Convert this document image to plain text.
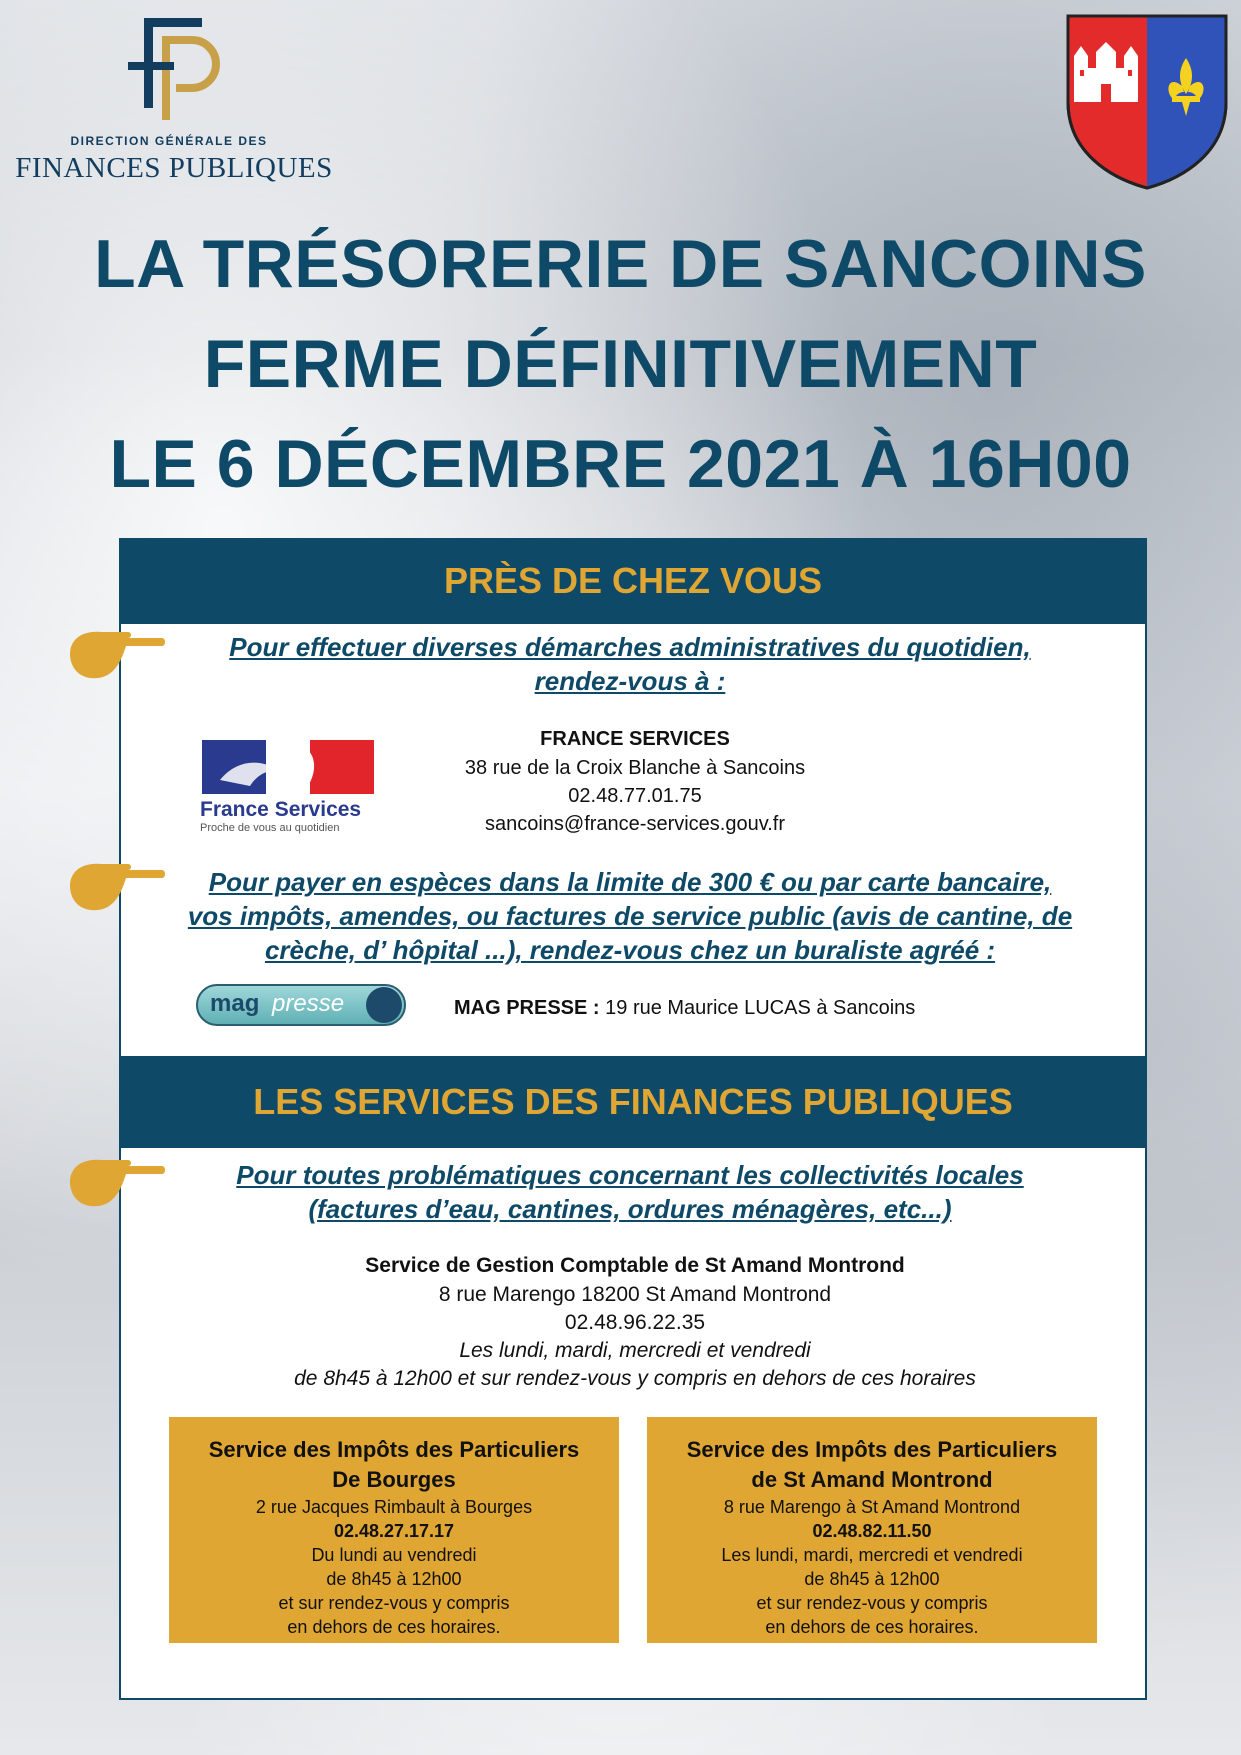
DIRECTION GÉNÉRALE DES
FINANCES PUBLIQUES
LA TRÉSORERIE DE SANCOINS
FERME DÉFINITIVEMENT
LE 6 DÉCEMBRE 2021 À 16H00
PRÈS DE CHEZ VOUS
Pour effectuer diverses démarches administratives du quotidien,
rendez-vous à :
France Services
Proche de vous au quotidien
FRANCE SERVICES
38 rue de la Croix Blanche à Sancoins
02.48.77.01.75
sancoins@france-services.gouv.fr
Pour payer en espèces dans la limite de 300 € ou par carte bancaire,
vos impôts, amendes, ou factures de service public (avis de cantine, de
crèche, d’ hôpital ...), rendez-vous chez un buraliste agréé :
mag presse	MAG PRESSE : 19 rue Maurice LUCAS à Sancoins
LES SERVICES DES FINANCES PUBLIQUES
Pour toutes problématiques concernant les collectivités locales
(factures d’eau, cantines, ordures ménagères, etc...)
Service de Gestion Comptable de St Amand Montrond
8 rue Marengo 18200 St Amand Montrond
02.48.96.22.35
Les lundi, mardi, mercredi et vendredi
de 8h45 à 12h00 et sur rendez-vous y compris en dehors de ces horaires
Service des Impôts des Particuliers
De Bourges
2 rue Jacques Rimbault à Bourges
02.48.27.17.17
Du lundi au vendredi
de 8h45 à 12h00
et sur rendez-vous y compris
en dehors de ces horaires.
Service des Impôts des Particuliers
de St Amand Montrond
8 rue Marengo à St Amand Montrond
02.48.82.11.50
Les lundi, mardi, mercredi et vendredi
de 8h45 à 12h00
et sur rendez-vous y compris
en dehors de ces horaires.
